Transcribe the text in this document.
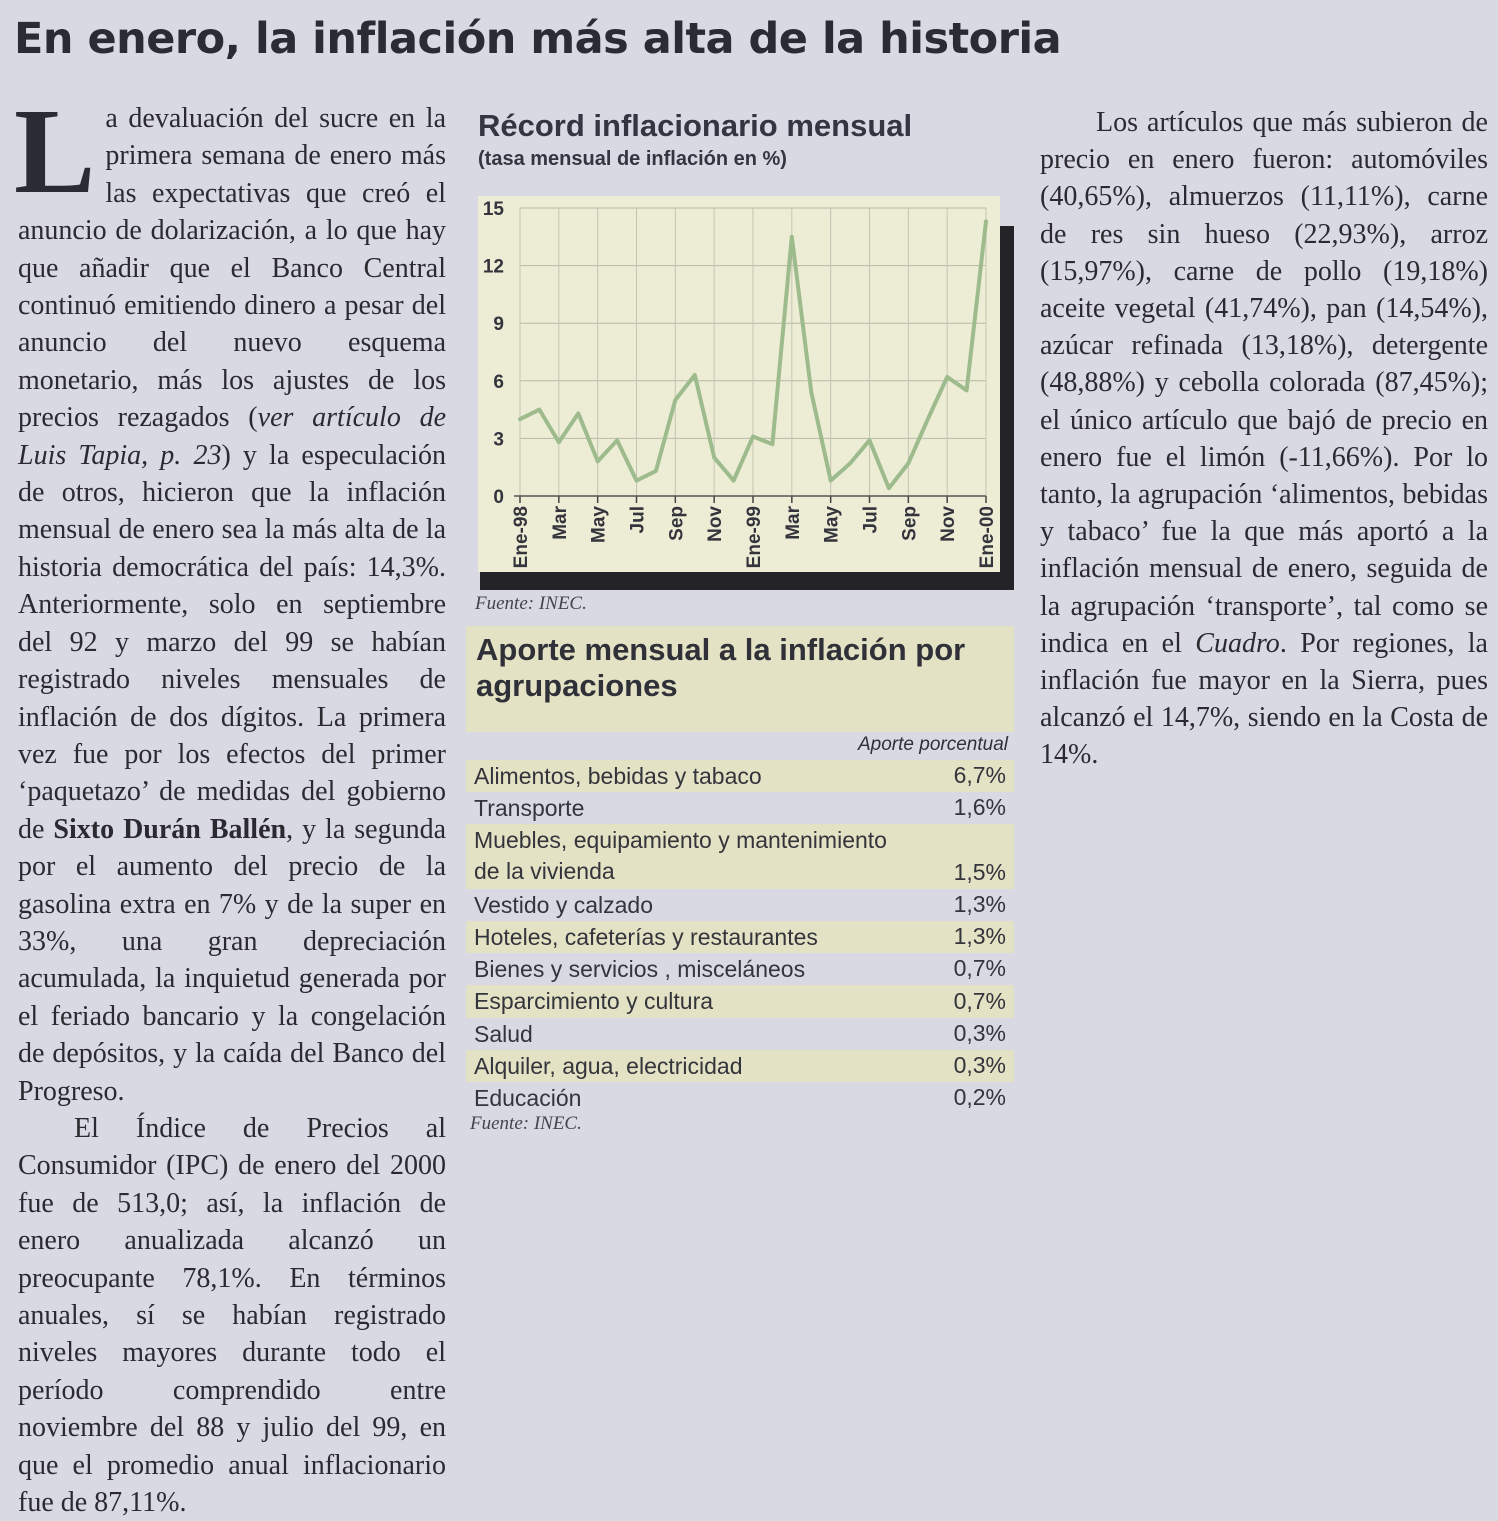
En enero, la inflación más alta de la historia

La devaluación del sucre en la primera semana de enero más las expectativas que creó el anuncio de dolarización, a lo que hay que añadir que el Banco Central continuó emitiendo dinero a pesar del anuncio del nuevo esquema monetario, más los ajustes de los precios rezagados (ver artículo de Luis Tapia, p. 23) y la especulación de otros, hicieron que la inflación mensual de enero sea la más alta de la historia democrática del país: 14,3%. Anteriormente, solo en septiembre del 92 y marzo del 99 se habían registrado niveles mensuales de inflación de dos dígitos. La primera vez fue por los efectos del primer ‘paquetazo’ de medidas del gobierno de Sixto Durán Ballén, y la segunda por el aumento del precio de la gasolina extra en 7% y de la super en 33%, una gran depreciación acumulada, la inquietud generada por el feriado bancario y la congelación de depósitos, y la caída del Banco del Progreso.

El Índice de Precios al Consumidor (IPC) de enero del 2000 fue de 513,0; así, la inflación de enero anualizada alcanzó un preocupante 78,1%. En términos anuales, sí se habían registrado niveles mayores durante todo el período comprendido entre noviembre del 88 y julio del 99, en que el promedio anual inflacionario fue de 87,11%.

Récord inflacionario mensual
(tasa mensual de inflación en %)
0
3
6
9
12
15
Ene-98 Mar May Jul Sep Nov Ene-99 Mar May Jul Sep Nov Ene-00
Fuente: INEC.
Aporte mensual a la inflación por agrupaciones
Aporte porcentual
Alimentos, bebidas y tabaco	6,7%
Transporte	1,6%
Muebles, equipamiento y mantenimiento de la vivienda	1,5%
Vestido y calzado	1,3%
Hoteles, cafeterías y restaurantes	1,3%
Bienes y servicios , misceláneos	0,7%
Esparcimiento y cultura	0,7%
Salud	0,3%
Alquiler, agua, electricidad	0,3%
Educación	0,2%
Fuente: INEC.

Los artículos que más subieron de precio en enero fueron: automóviles (40,65%), almuerzos (11,11%), carne de res sin hueso (22,93%), arroz (15,97%), carne de pollo (19,18%) aceite vegetal (41,74%), pan (14,54%), azúcar refinada (13,18%), detergente (48,88%) y cebolla colorada (87,45%); el único artículo que bajó de precio en enero fue el limón (-11,66%). Por lo tanto, la agrupación ‘alimentos, bebidas y tabaco’ fue la que más aportó a la inflación mensual de enero, seguida de la agrupación ‘transporte’, tal como se indica en el Cuadro. Por regiones, la inflación fue mayor en la Sierra, pues alcanzó el 14,7%, siendo en la Costa de 14%.
